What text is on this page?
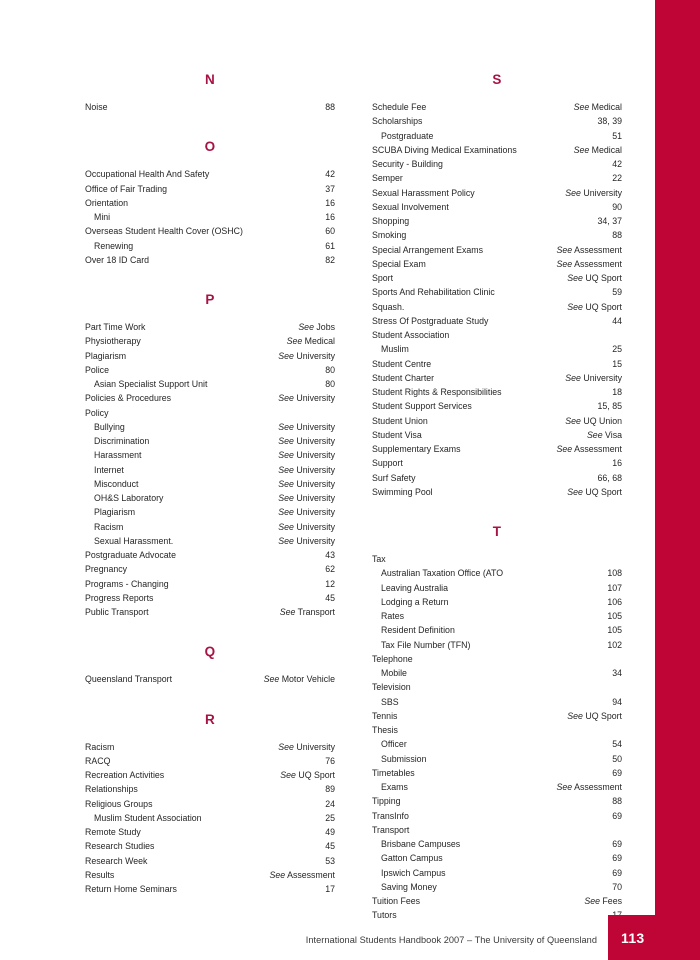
N
Noise .....	88
O
Occupational Health And Safety .....	42
Office of Fair Trading .....	37
Orientation .....	16
Mini .....	16
Overseas Student Health Cover (OSHC) .....	60
Renewing .....	61
Over 18 ID Card .....	82
P
Part Time Work .....	See Jobs
Physiotherapy .....	See Medical
Plagiarism .....	See University
Police .....	80
Asian Specialist Support Unit .....	80
Policies & Procedures .....	See University
Policy
Bullying .....	See University
Discrimination .....	See University
Harassment .....	See University
Internet .....	See University
Misconduct .....	See University
OH&S Laboratory .....	See University
Plagiarism .....	See University
Racism .....	See University
Sexual Harassment. .....	See University
Postgraduate Advocate .....	43
Pregnancy .....	62
Programs - Changing .....	12
Progress Reports .....	45
Public Transport .....	See Transport
Q
Queensland Transport .....	See Motor Vehicle
R
Racism .....	See University
RACQ .....	76
Recreation Activities .....	See UQ Sport
Relationships .....	89
Religious Groups .....	24
Muslim Student Association .....	25
Remote Study .....	49
Research Studies .....	45
Research Week .....	53
Results .....	See Assessment
Return Home Seminars .....	17
S
Schedule Fee .....	See Medical
Scholarships .....	38, 39
Postgraduate .....	51
SCUBA Diving Medical Examinations .....	See Medical
Security - Building .....	42
Semper .....	22
Sexual Harassment Policy .....	See University
Sexual Involvement .....	90
Shopping .....	34, 37
Smoking .....	88
Special Arrangement Exams .....	See Assessment
Special Exam .....	See Assessment
Sport .....	See UQ Sport
Sports And Rehabilitation Clinic .....	59
Squash. .....	See UQ Sport
Stress Of Postgraduate Study .....	44
Student Association
Muslim .....	25
Student Centre .....	15
Student Charter .....	See University
Student Rights & Responsibilities .....	18
Student Support Services .....	15, 85
Student Union .....	See UQ Union
Student Visa .....	See Visa
Supplementary Exams .....	See Assessment
Support .....	16
Surf Safety .....	66, 68
Swimming Pool .....	See UQ Sport
T
Tax
Australian Taxation Office (ATO .....	108
Leaving Australia .....	107
Lodging a Return .....	106
Rates .....	105
Resident Definition .....	105
Tax File Number (TFN) .....	102
Telephone
Mobile .....	34
Television
SBS .....	94
Tennis .....	See UQ Sport
Thesis
Officer .....	54
Submission .....	50
Timetables .....	69
Exams .....	See Assessment
Tipping .....	88
TransInfo .....	69
Transport
Brisbane Campuses .....	69
Gatton Campus .....	69
Ipswich Campus .....	69
Saving Money .....	70
Tuition Fees .....	See Fees
Tutors
.....
International Students Handbook 2007 – The University of Queensland 113
